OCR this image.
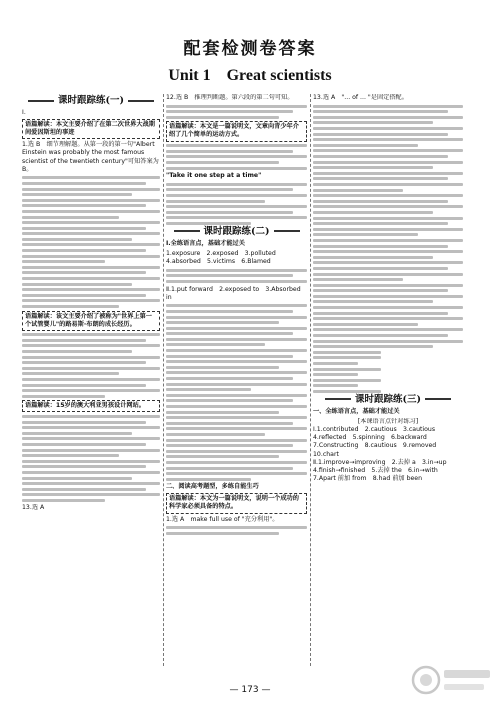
配套检测卷答案
Unit 1　Great scientists
课时跟踪练(一)
Ⅰ.
语篇解读：本文主要介绍了在第二次世界大战期间爱因斯坦的事迹
1.选 B　细节理解题。从第一段的第一句"Albert Einstein was probably the most famous scientist of the twentieth century"可知答案为 B。
语篇解读：该文主要介绍了被称为"世界上第一个试管婴儿"的路易斯·布朗的成长经历。
语篇解读：15岁的澳大利亚男孩设计网站。
13.选 A
12.选 B　推理判断题。第六段的第二句可知。
语篇解读：本文是一篇说明文，文章向青少年介绍了几个简单的运动方式。
"Take it one step at a time"
课时跟踪练(二)
Ⅰ.全练语言点，基础才能过关
1.exposure　2.exposed　3.polluted　4.absorbed　5.victims　6.Blamed
Ⅱ.1.put forward　2.exposed to　3.Absorbed in
二、阅读高考题型，多练自能生巧
语篇解读：本文为一篇说明文，说明一个成功的科学家必须具备的特点。
1.选 A　make full use of "充分利用"。
13.选 A　"... of ... "是固定搭配。
课时跟踪练(三)
一、全练语言点，基础才能过关
[本课语言点针对练习]
Ⅰ.1.contributed　2.cautious　3.cautious　4.reflected　5.spinning　6.backward　7.Constructing　8.cautious　9.removed　10.chart
Ⅱ.1.improve→improving　2.去掉 a　3.in→up　4.finish→finished　5.去掉 the　6.in→with　7.Apart 前加 from　8.had 前加 been
— 173 —
